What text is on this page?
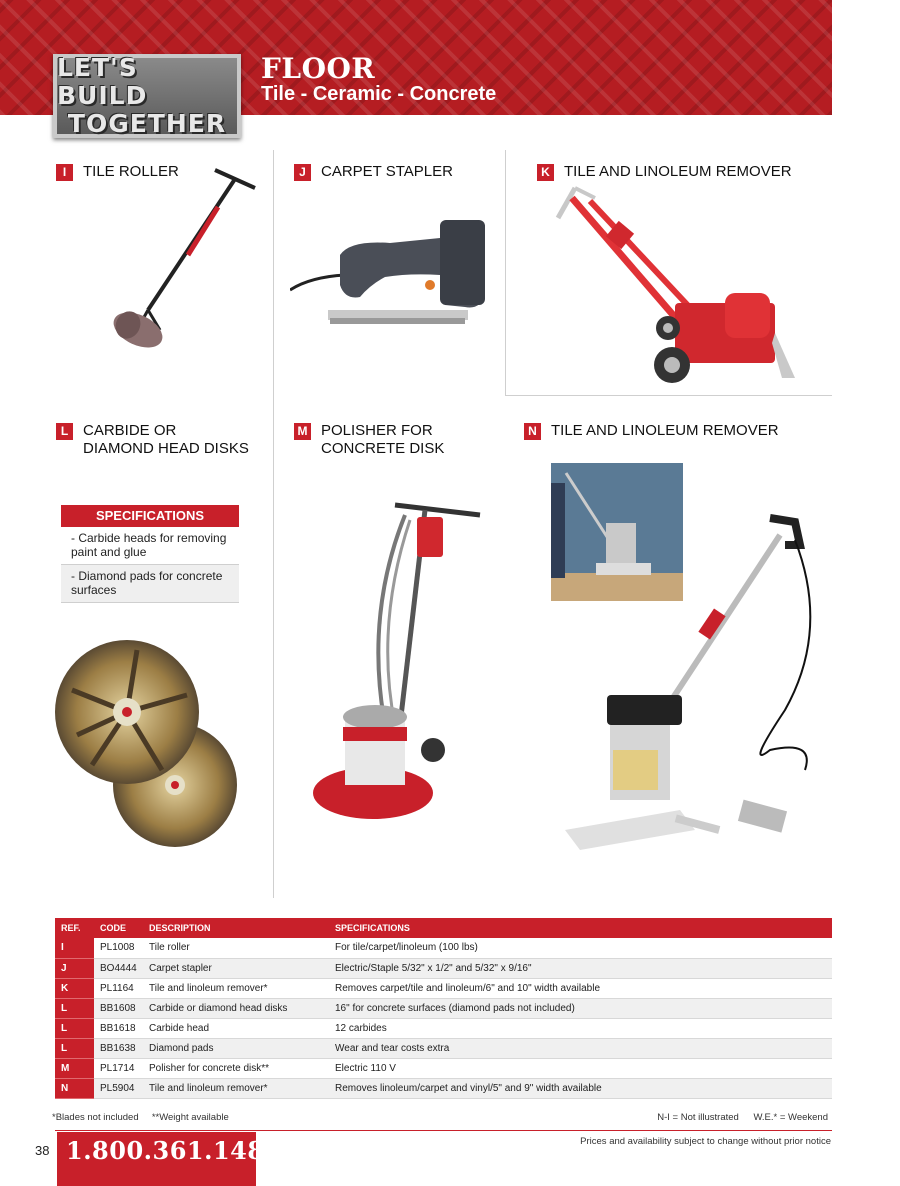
FLOOR
Tile - Ceramic - Concrete
LET'S BUILD
TOGETHER
I	TILE ROLLER	J	CARPET STAPLER	K TILE AND LINOLEUM REMOVER
L CARBIDE OR
DIAMOND HEAD DISKS
SPECIFICATIONS
- Carbide heads for removing paint and glue
- Diamond pads for concrete surfaces
M POLISHER FOR
CONCRETE DISK
N TILE AND LINOLEUM REMOVER
REF.	CODE	DESCRIPTION	SPECIFICATIONS
I	PL1008	Tile roller	For tile/carpet/linoleum (100 lbs)
J	BO4444	Carpet stapler	Electric/Staple 5/32" x 1/2" and 5/32" x 9/16"
K	PL1164	Tile and linoleum remover*	Removes carpet/tile and linoleum/6" and 10" width available
L	BB1608	Carbide or diamond head disks	16" for concrete surfaces (diamond pads not included)
L	BB1618	Carbide head	12 carbides
L	BB1638	Diamond pads	Wear and tear costs extra
M	PL1714	Polisher for concrete disk**	Electric 110 V
N	PL5904	Tile and linoleum remover*	Removes linoleum/carpet and vinyl/5" and 9" width available
*Blades not included **Weight available	N-I = Not illustrated W.E.* = Weekend
Prices and availability subject to change without prior notice
38 1.800.361.1486
